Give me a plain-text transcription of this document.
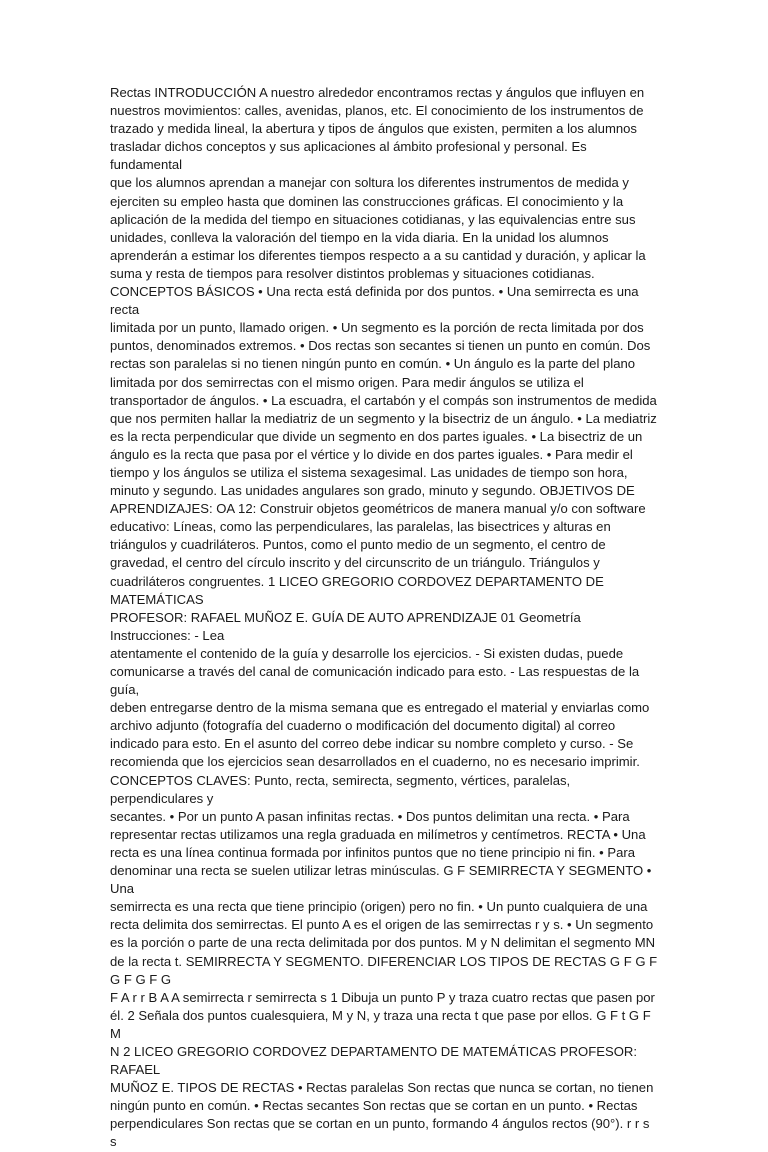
Rectas INTRODUCCIÓN A nuestro alrededor encontramos rectas y ángulos que influyen en
nuestros movimientos: calles, avenidas, planos, etc. El conocimiento de los instrumentos de
trazado y medida lineal, la abertura y tipos de ángulos que existen, permiten a los alumnos
trasladar dichos conceptos y sus aplicaciones al ámbito profesional y personal. Es fundamental
que los alumnos aprendan a manejar con soltura los diferentes instrumentos de medida y
ejerciten su empleo hasta que dominen las construcciones gráficas. El conocimiento y la
aplicación de la medida del tiempo en situaciones cotidianas, y las equivalencias entre sus
unidades, conlleva la valoración del tiempo en la vida diaria. En la unidad los alumnos
aprenderán a estimar los diferentes tiempos respecto a a su cantidad y duración, y aplicar la
suma y resta de tiempos para resolver distintos problemas y situaciones cotidianas.
CONCEPTOS BÁSICOS • Una recta está definida por dos puntos. • Una semirrecta es una recta
limitada por un punto, llamado origen. • Un segmento es la porción de recta limitada por dos
puntos, denominados extremos. • Dos rectas son secantes si tienen un punto en común. Dos
rectas son paralelas si no tienen ningún punto en común. • Un ángulo es la parte del plano
limitada por dos semirrectas con el mismo origen. Para medir ángulos se utiliza el
transportador de ángulos. • La escuadra, el cartabón y el compás son instrumentos de medida
que nos permiten hallar la mediatriz de un segmento y la bisectriz de un ángulo. • La mediatriz
es la recta perpendicular que divide un segmento en dos partes iguales. • La bisectriz de un
ángulo es la recta que pasa por el vértice y lo divide en dos partes iguales. • Para medir el
tiempo y los ángulos se utiliza el sistema sexagesimal. Las unidades de tiempo son hora,
minuto y segundo. Las unidades angulares son grado, minuto y segundo. OBJETIVOS DE
APRENDIZAJES: OA 12: Construir objetos geométricos de manera manual y/o con software
educativo: Líneas, como las perpendiculares, las paralelas, las bisectrices y alturas en
triángulos y cuadriláteros. Puntos, como el punto medio de un segmento, el centro de
gravedad, el centro del círculo inscrito y del circunscrito de un triángulo. Triángulos y
cuadriláteros congruentes. 1 LICEO GREGORIO CORDOVEZ DEPARTAMENTO DE MATEMÁTICAS
PROFESOR: RAFAEL MUÑOZ E. GUÍA DE AUTO APRENDIZAJE 01 Geometría Instrucciones: - Lea
atentamente el contenido de la guía y desarrolle los ejercicios. - Si existen dudas, puede
comunicarse a través del canal de comunicación indicado para esto. - Las respuestas de la guía,
deben entregarse dentro de la misma semana que es entregado el material y enviarlas como
archivo adjunto (fotografía del cuaderno o modificación del documento digital) al correo
indicado para esto. En el asunto del correo debe indicar su nombre completo y curso. - Se
recomienda que los ejercicios sean desarrollados en el cuaderno, no es necesario imprimir.
CONCEPTOS CLAVES: Punto, recta, semirecta, segmento, vértices, paralelas, perpendiculares y
secantes. • Por un punto A pasan infinitas rectas. • Dos puntos delimitan una recta. • Para
representar rectas utilizamos una regla graduada en milímetros y centímetros. RECTA • Una
recta es una línea continua formada por infinitos puntos que no tiene principio ni fin. • Para
denominar una recta se suelen utilizar letras minúsculas. G F SEMIRRECTA Y SEGMENTO • Una
semirrecta es una recta que tiene principio (origen) pero no fin. • Un punto cualquiera de una
recta delimita dos semirrectas. El punto A es el origen de las semirrectas r y s. • Un segmento
es la porción o parte de una recta delimitada por dos puntos. M y N delimitan el segmento MN
de la recta t. SEMIRRECTA Y SEGMENTO. DIFERENCIAR LOS TIPOS DE RECTAS G F G F G F G F G
F A r r B A A semirrecta r semirrecta s 1 Dibuja un punto P y traza cuatro rectas que pasen por
él. 2 Señala dos puntos cualesquiera, M y N, y traza una recta t que pase por ellos. G F t G F M
N 2 LICEO GREGORIO CORDOVEZ DEPARTAMENTO DE MATEMÁTICAS PROFESOR: RAFAEL
MUÑOZ E. TIPOS DE RECTAS • Rectas paralelas Son rectas que nunca se cortan, no tienen
ningún punto en común. • Rectas secantes Son rectas que se cortan en un punto. • Rectas
perpendiculares Son rectas que se cortan en un punto, formando 4 ángulos rectos (90°). r r s s
